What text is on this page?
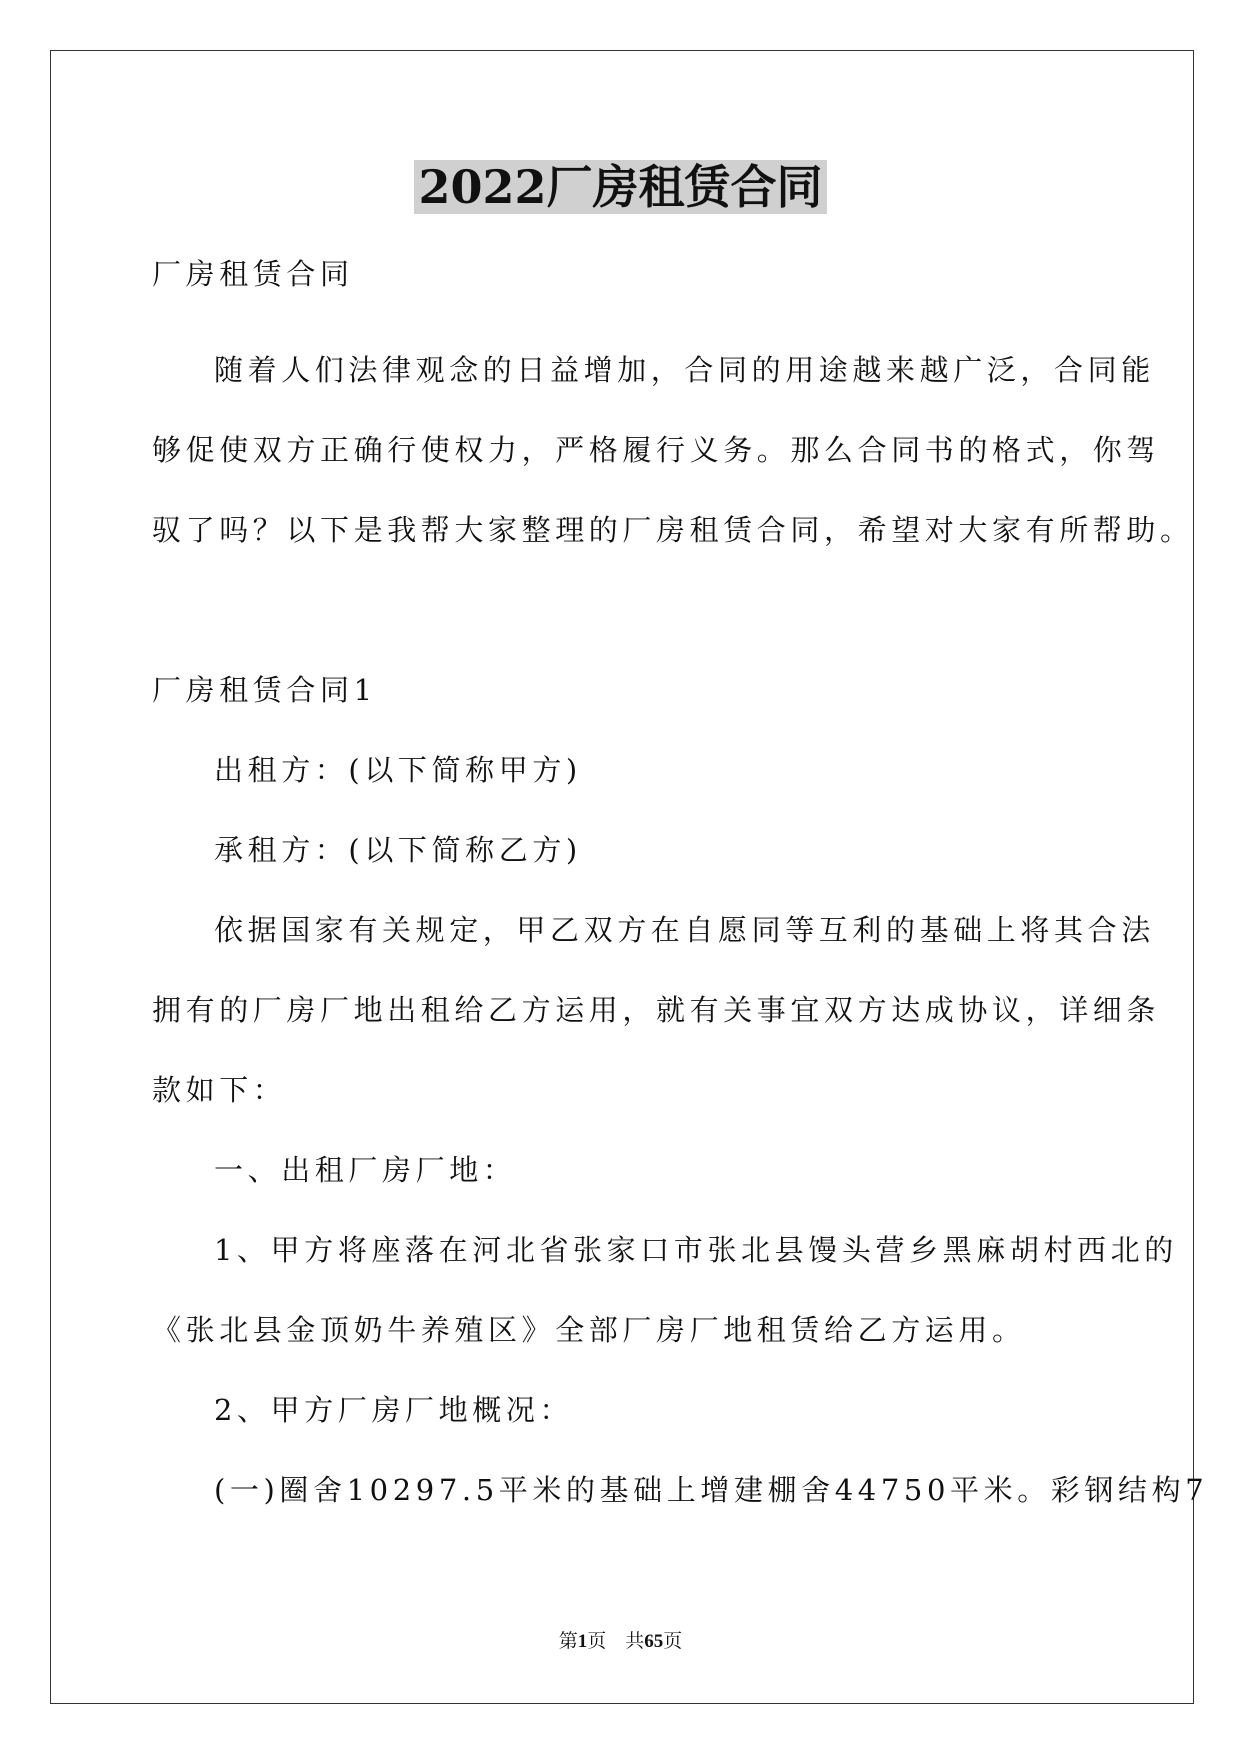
2022厂房租赁合同
厂房租赁合同
随着人们法律观念的日益增加，合同的用途越来越广泛，合同能
够促使双方正确行使权力，严格履行义务。那么合同书的格式，你驾
驭了吗？以下是我帮大家整理的厂房租赁合同，希望对大家有所帮助。
厂房租赁合同1
出租方：(以下简称甲方)
承租方：(以下简称乙方)
依据国家有关规定，甲乙双方在自愿同等互利的基础上将其合法
拥有的厂房厂地出租给乙方运用，就有关事宜双方达成协议，详细条
款如下：
一、出租厂房厂地：
1、甲方将座落在河北省张家口市张北县馒头营乡黑麻胡村西北的
《张北县金顶奶牛养殖区》全部厂房厂地租赁给乙方运用。
2、甲方厂房厂地概况：
(一)圈舍10297.5平米的基础上增建棚舍44750平米。彩钢结构7
第1页    共65页
